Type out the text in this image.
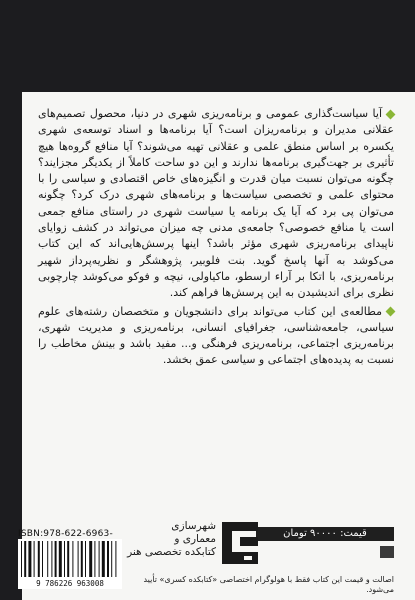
آیا سیاست‌گذاری عمومی و برنامه‌ریزی شهری در دنیا، محصول تصمیم‌های عقلانی مدیران و برنامه‌ریزان است؟ آیا برنامه‌ها و اسناد توسعه‌ی شهری یکسره بر اساس منطق علمی و عقلانی تهیه می‌شوند؟ آیا منافع گروه‌ها هیچ تأثیری بر جهت‌گیری برنامه‌ها ندارند و این دو ساحت کاملاً از یکدیگر مجزایند؟ چگونه می‌توان نسبت میان قدرت و انگیزه‌های خاص اقتصادی و سیاسی را با محتوای علمی و تخصصی سیاست‌ها و برنامه‌های شهری درک کرد؟ چگونه می‌توان پی برد که آیا یک برنامه یا سیاست شهری در راستای منافع جمعی است یا منافع خصوصی؟ جامعه‌ی مدنی چه میزان می‌تواند در کشف زوایای ناپیدای برنامه‌ریزی شهری مؤثر باشد؟ اینها پرسش‌هایی‌اند که این کتاب می‌کوشد به آنها پاسخ گوید. بنت فلوبیر، پژوهشگر و نظریه‌پرداز شهیر برنامه‌ریزی، با اتکا بر آراء ارسطو، ماکیاولی، نیچه و فوکو می‌کوشد چارچوبی نظری برای اندیشیدن به این پرسش‌ها فراهم کند.

مطالعه‌ی این کتاب می‌تواند برای دانشجویان و متخصصان رشته‌های علوم سیاسی، جامعه‌شناسی، جغرافیای انسانی، برنامه‌ریزی و مدیریت شهری، برنامه‌ریزی اجتماعی، برنامه‌ریزی فرهنگی و... مفید باشد و بینش مخاطب را نسبت به پدیده‌های اجتماعی و سیاسی عمق بخشد.

قیمت: ۹۰۰۰۰ تومان
شهرسازی
معماری و
کتابکده تخصصی هنر
ISBN:978-622-6963-
9 786226 963008	اصالت و قیمت این کتاب فقط با هولوگرام اختصاصی «کتابکده کسری» تأیید می‌شود.
